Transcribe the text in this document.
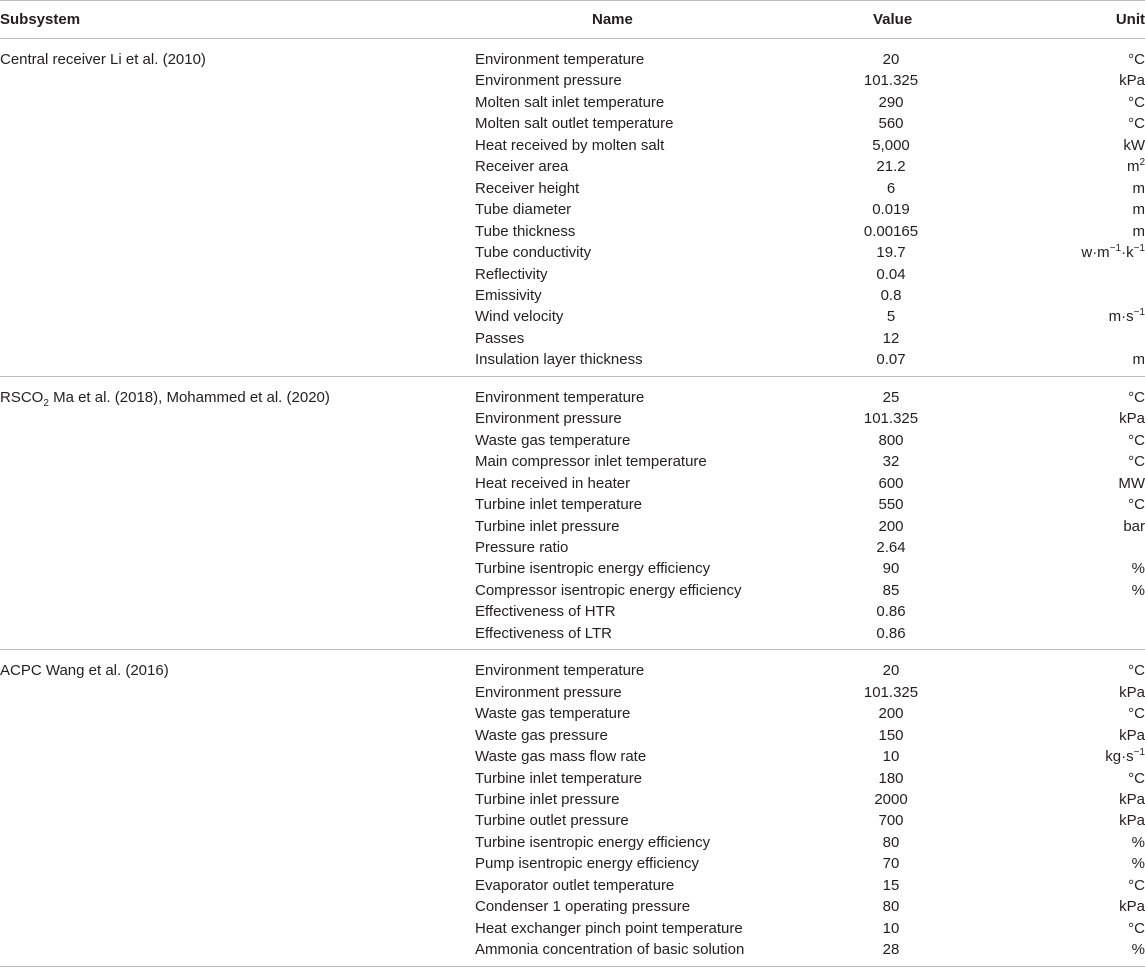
Subsystem	Name	Value	Unit
Central receiver Li et al. (2010)	Environment temperature	20	°C
	Environment pressure	101.325	kPa
	Molten salt inlet temperature	290	°C
	Molten salt outlet temperature	560	°C
	Heat received by molten salt	5,000	kW
	Receiver area	21.2	$m^2$
	Receiver height	6	m
	Tube diameter	0.019	m
	Tube thickness	0.00165	m
	Tube conductivity	19.7	$w\cdot m^{-1}\cdot k^{-1}$
	Reflectivity	0.04	
	Emissivity	0.8	
	Wind velocity	5	$m\cdot s^{-1}$
	Passes	12	
	Insulation layer thickness	0.07	m
$RSCO_2$ Ma et al. (2018), Mohammed et al. (2020)	Environment temperature	25	°C
	Environment pressure	101.325	kPa
	Waste gas temperature	800	°C
	Main compressor inlet temperature	32	°C
	Heat received in heater	600	MW
	Turbine inlet temperature	550	°C
	Turbine inlet pressure	200	bar
	Pressure ratio	2.64	
	Turbine isentropic energy efficiency	90	%
	Compressor isentropic energy efficiency	85	%
	Effectiveness of HTR	0.86	
	Effectiveness of LTR	0.86	
ACPC Wang et al. (2016)	Environment temperature	20	°C
	Environment pressure	101.325	kPa
	Waste gas temperature	200	°C
	Waste gas pressure	150	kPa
	Waste gas mass flow rate	10	$kg\cdot s^{-1}$
	Turbine inlet temperature	180	°C
	Turbine inlet pressure	2000	kPa
	Turbine outlet pressure	700	kPa
	Turbine isentropic energy efficiency	80	%
	Pump isentropic energy efficiency	70	%
	Evaporator outlet temperature	15	°C
	Condenser 1 operating pressure	80	kPa
	Heat exchanger pinch point temperature	10	°C
	Ammonia concentration of basic solution	28	%
